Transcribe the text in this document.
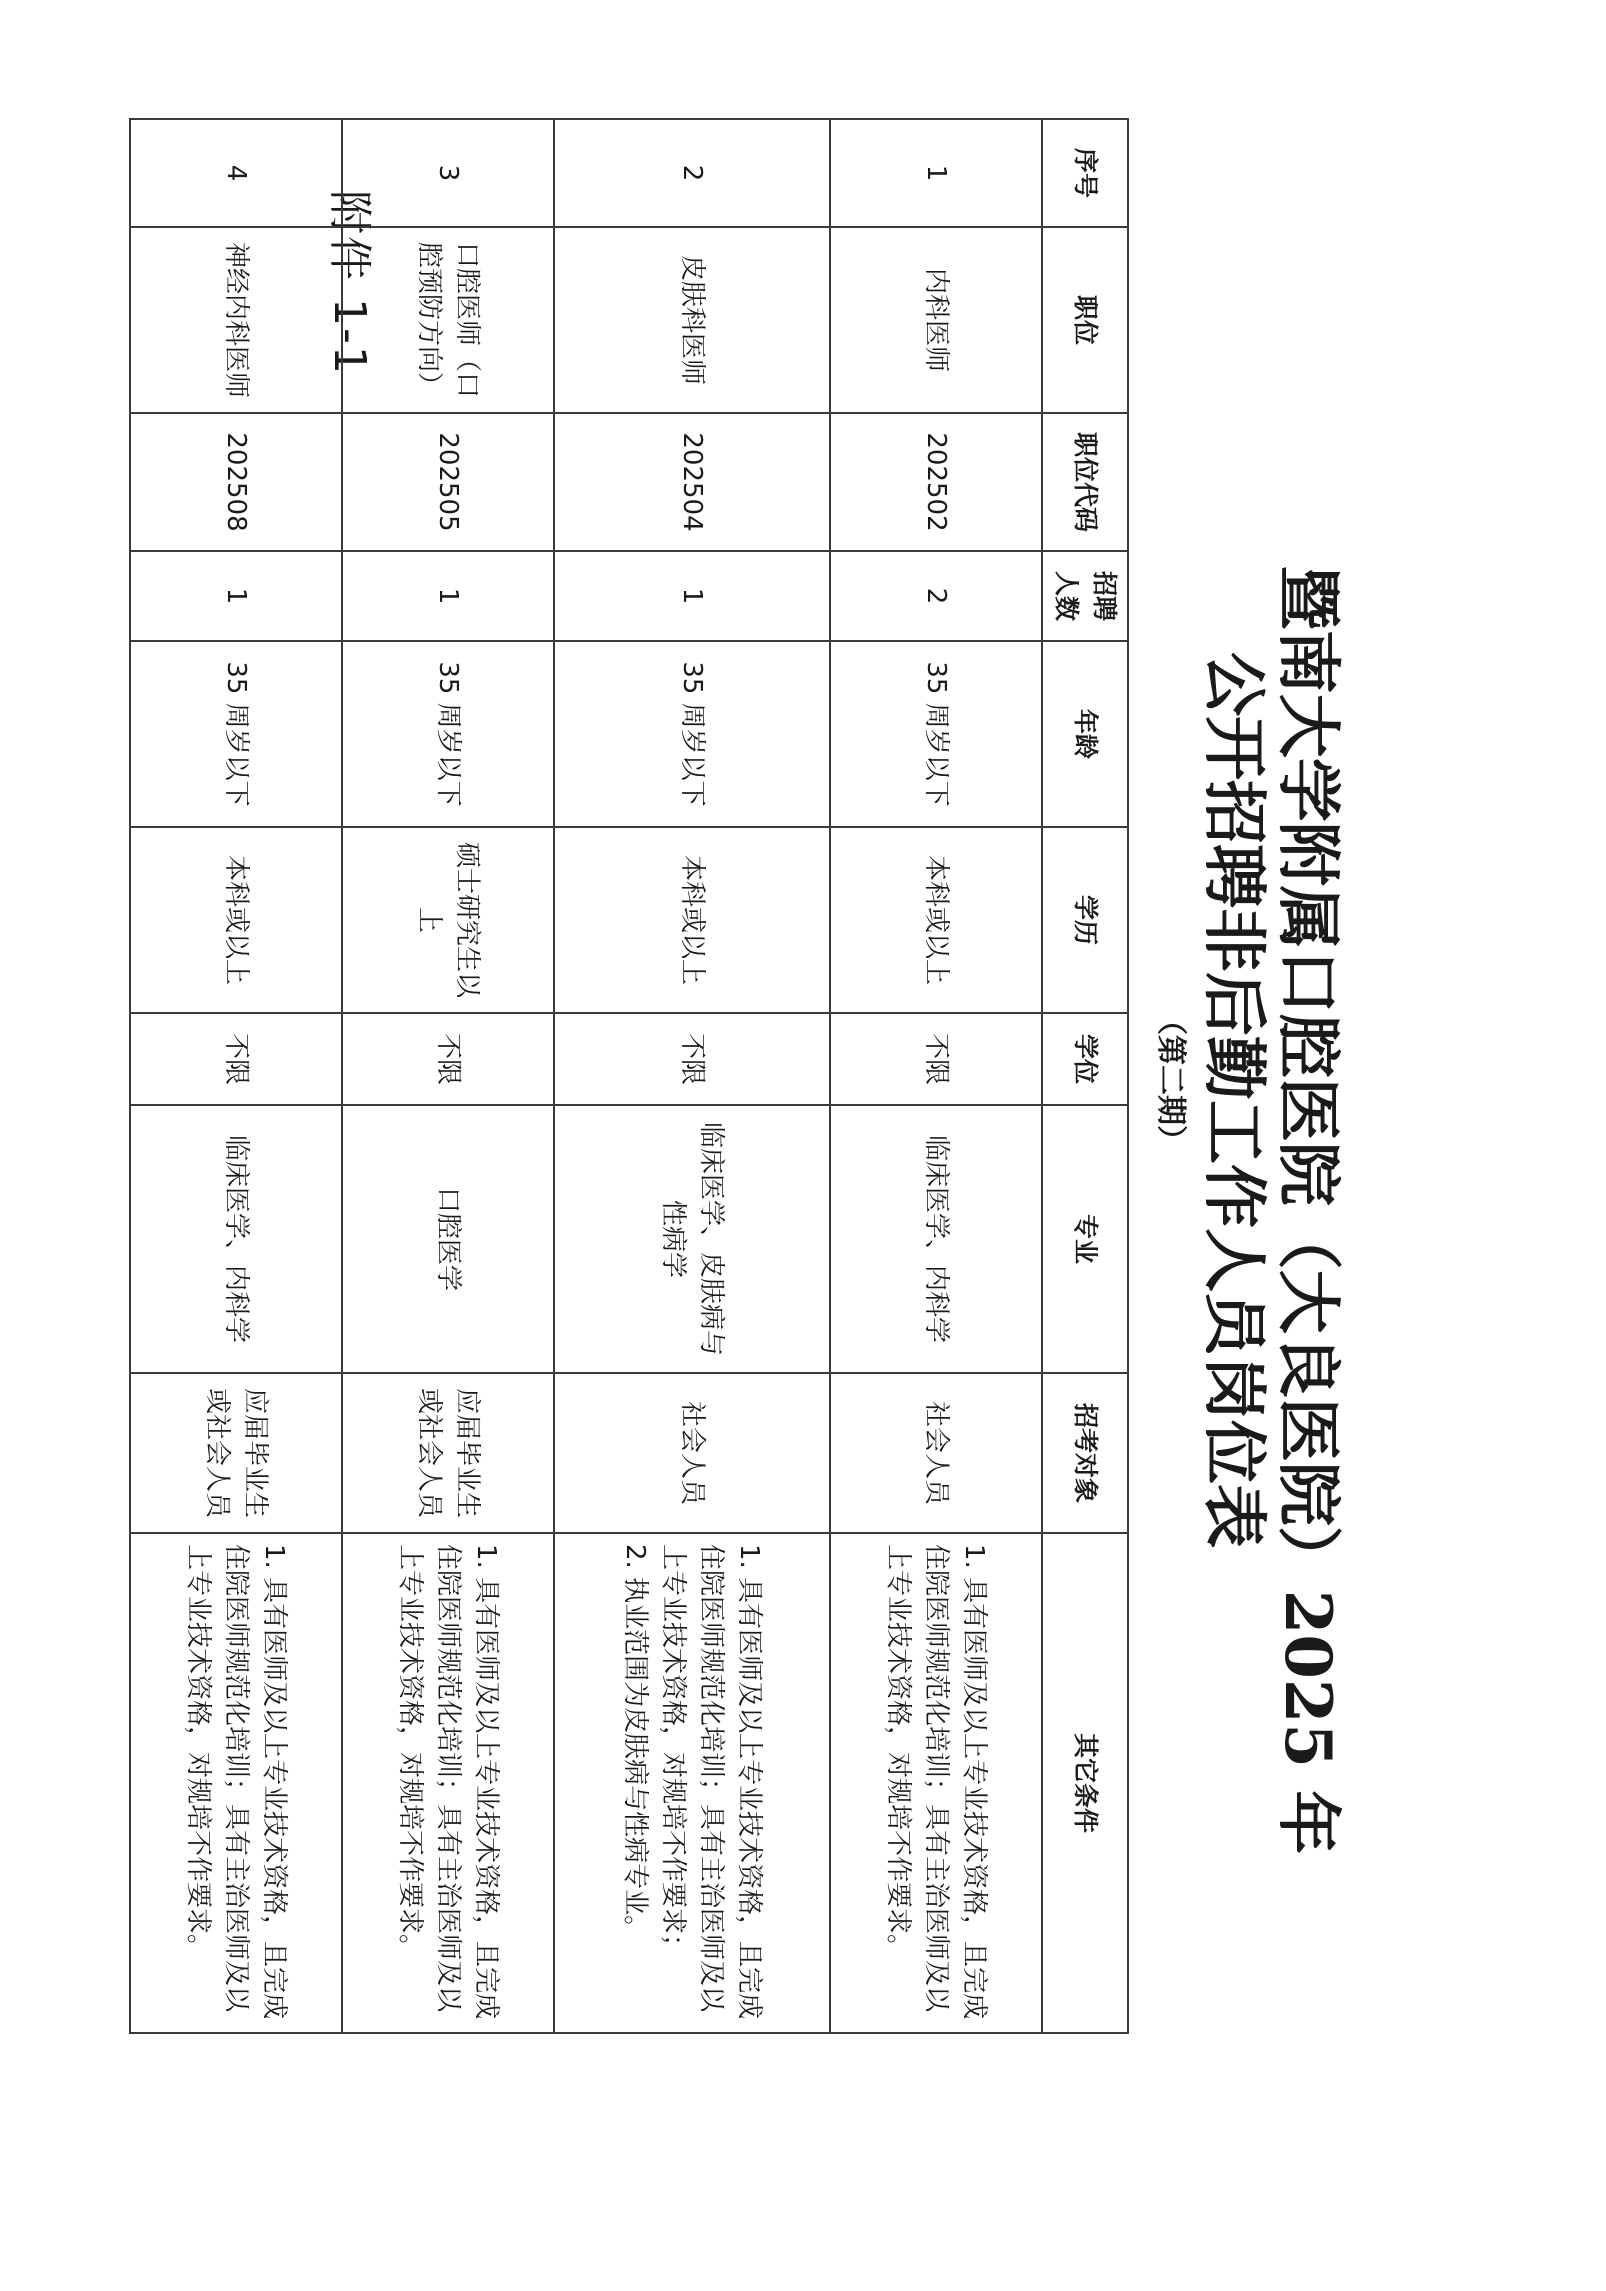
附件 1-1
暨南大学附属口腔医院（大良医院）2025 年
公开招聘非后勤工作人员岗位表
（第二期）
序号	职位	职位代码	招聘人数	年龄	学历	学位	专业	招考对象	其它条件
1	内科医师	202502	2	35 周岁以下	本科或以上	不限	临床医学、内科学	社会人员	1. 具有医师及以上专业技术资格，且完成住院医师规范化培训；具有主治医师及以上专业技术资格，对规培不作要求。
2	皮肤科医师	202504	1	35 周岁以下	本科或以上	不限	临床医学、皮肤病与性病学	社会人员	1. 具有医师及以上专业技术资格，且完成住院医师规范化培训；具有主治医师及以上专业技术资格，对规培不作要求；
2. 执业范围为皮肤病与性病专业。

3	口腔医师（口腔预防方向）	202505	1	35 周岁以下	硕士研究生以上	不限	口腔医学	应届毕业生或社会人员	1. 具有医师及以上专业技术资格，且完成住院医师规范化培训；具有主治医师及以上专业技术资格，对规培不作要求。
4	神经内科医师	202508	1	35 周岁以下	本科或以上	不限	临床医学、内科学	应届毕业生或社会人员	1. 具有医师及以上专业技术资格，且完成住院医师规范化培训；具有主治医师及以上专业技术资格，对规培不作要求。
